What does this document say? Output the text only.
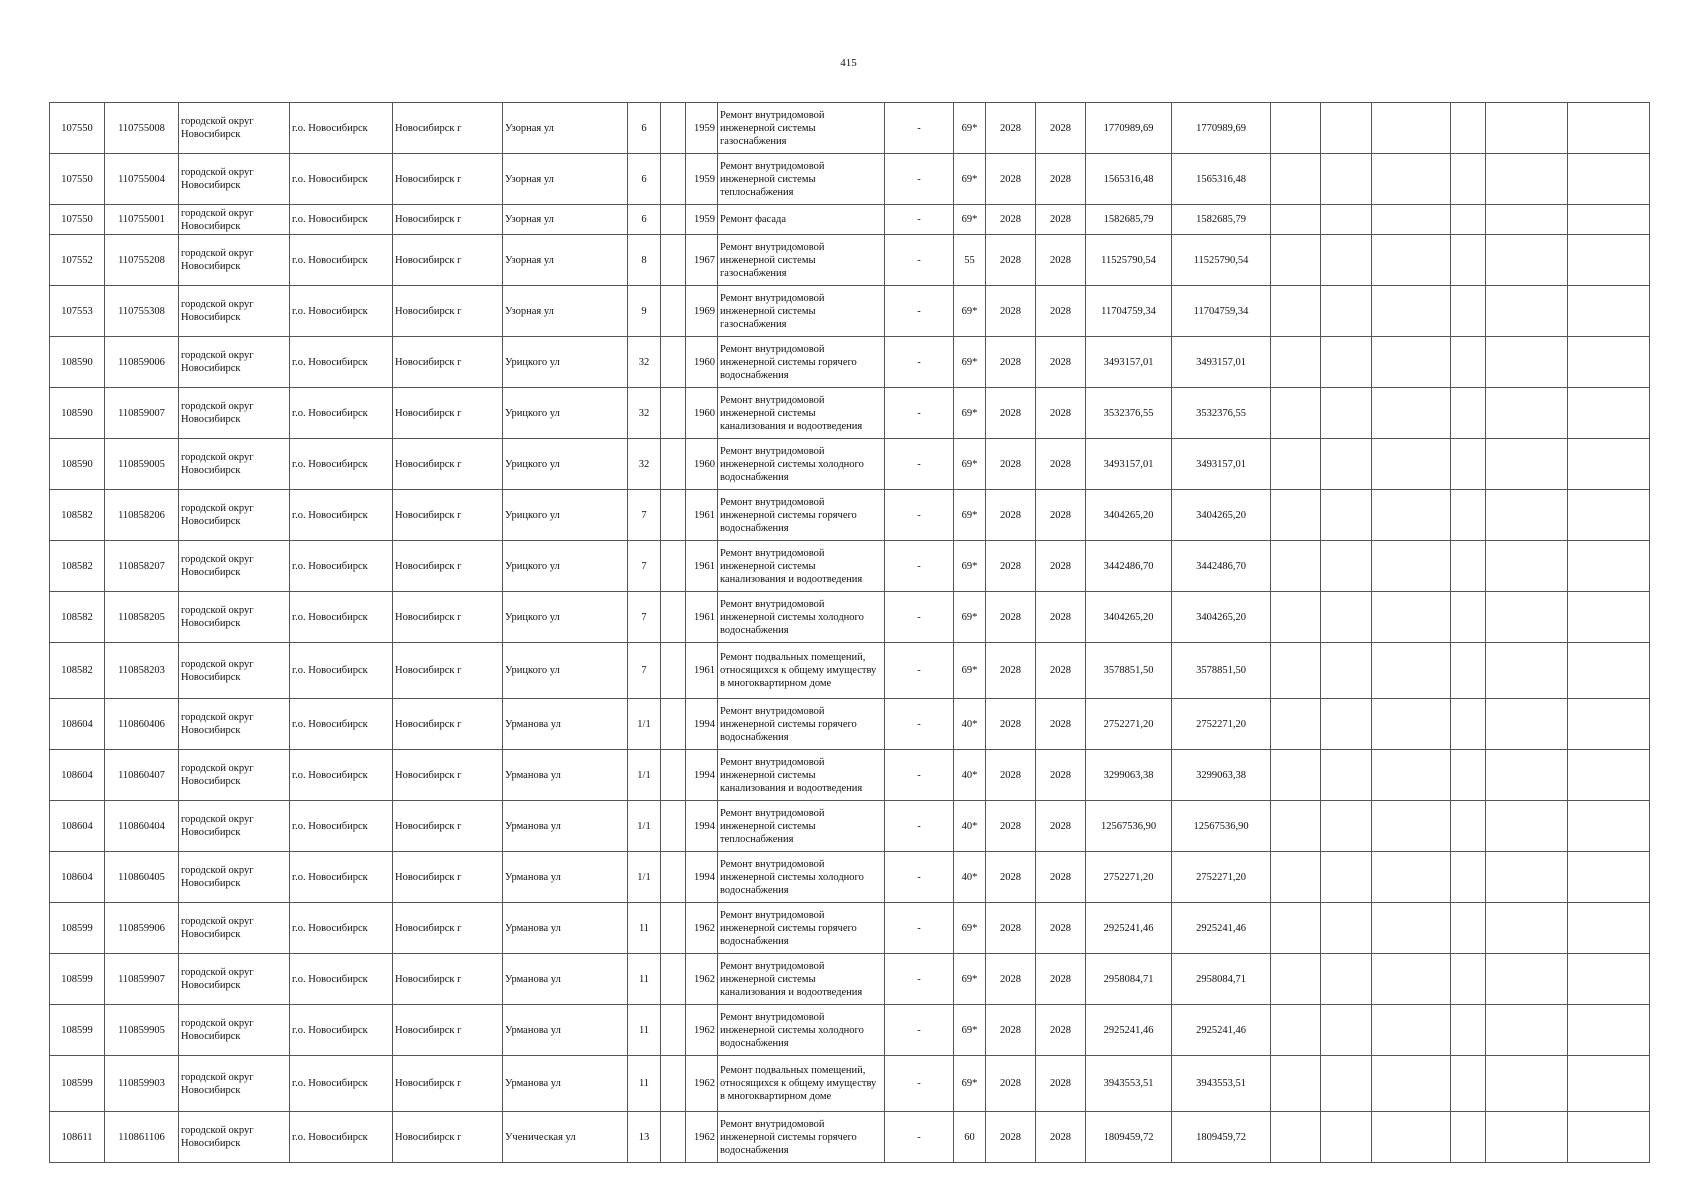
415
107550	110755008	городской округ Новосибирск	г.о. Новосибирск	Новосибирск г	Узорная ул	6		1959	Ремонт внутридомовой инженерной системы газоснабжения	-	69*	2028	2028	1770989,69	1770989,69						
107550	110755004	городской округ Новосибирск	г.о. Новосибирск	Новосибирск г	Узорная ул	6		1959	Ремонт внутридомовой инженерной системы теплоснабжения	-	69*	2028	2028	1565316,48	1565316,48						
107550	110755001	городской округ Новосибирск	г.о. Новосибирск	Новосибирск г	Узорная ул	6		1959	Ремонт фасада	-	69*	2028	2028	1582685,79	1582685,79						
107552	110755208	городской округ Новосибирск	г.о. Новосибирск	Новосибирск г	Узорная ул	8		1967	Ремонт внутридомовой инженерной системы газоснабжения	-	55	2028	2028	11525790,54	11525790,54						
107553	110755308	городской округ Новосибирск	г.о. Новосибирск	Новосибирск г	Узорная ул	9		1969	Ремонт внутридомовой инженерной системы газоснабжения	-	69*	2028	2028	11704759,34	11704759,34						
108590	110859006	городской округ Новосибирск	г.о. Новосибирск	Новосибирск г	Урицкого ул	32		1960	Ремонт внутридомовой инженерной системы горячего водоснабжения	-	69*	2028	2028	3493157,01	3493157,01						
108590	110859007	городской округ Новосибирск	г.о. Новосибирск	Новосибирск г	Урицкого ул	32		1960	Ремонт внутридомовой инженерной системы канализования и водоотведения	-	69*	2028	2028	3532376,55	3532376,55						
108590	110859005	городской округ Новосибирск	г.о. Новосибирск	Новосибирск г	Урицкого ул	32		1960	Ремонт внутридомовой инженерной системы холодного водоснабжения	-	69*	2028	2028	3493157,01	3493157,01						
108582	110858206	городской округ Новосибирск	г.о. Новосибирск	Новосибирск г	Урицкого ул	7		1961	Ремонт внутридомовой инженерной системы горячего водоснабжения	-	69*	2028	2028	3404265,20	3404265,20						
108582	110858207	городской округ Новосибирск	г.о. Новосибирск	Новосибирск г	Урицкого ул	7		1961	Ремонт внутридомовой инженерной системы канализования и водоотведения	-	69*	2028	2028	3442486,70	3442486,70						
108582	110858205	городской округ Новосибирск	г.о. Новосибирск	Новосибирск г	Урицкого ул	7		1961	Ремонт внутридомовой инженерной системы холодного водоснабжения	-	69*	2028	2028	3404265,20	3404265,20						
108582	110858203	городской округ Новосибирск	г.о. Новосибирск	Новосибирск г	Урицкого ул	7		1961	Ремонт подвальных помещений, относящихся к общему имуществу в многоквартирном доме	-	69*	2028	2028	3578851,50	3578851,50						
108604	110860406	городской округ Новосибирск	г.о. Новосибирск	Новосибирск г	Урманова ул	1/1		1994	Ремонт внутридомовой инженерной системы горячего водоснабжения	-	40*	2028	2028	2752271,20	2752271,20						
108604	110860407	городской округ Новосибирск	г.о. Новосибирск	Новосибирск г	Урманова ул	1/1		1994	Ремонт внутридомовой инженерной системы канализования и водоотведения	-	40*	2028	2028	3299063,38	3299063,38						
108604	110860404	городской округ Новосибирск	г.о. Новосибирск	Новосибирск г	Урманова ул	1/1		1994	Ремонт внутридомовой инженерной системы теплоснабжения	-	40*	2028	2028	12567536,90	12567536,90						
108604	110860405	городской округ Новосибирск	г.о. Новосибирск	Новосибирск г	Урманова ул	1/1		1994	Ремонт внутридомовой инженерной системы холодного водоснабжения	-	40*	2028	2028	2752271,20	2752271,20						
108599	110859906	городской округ Новосибирск	г.о. Новосибирск	Новосибирск г	Урманова ул	11		1962	Ремонт внутридомовой инженерной системы горячего водоснабжения	-	69*	2028	2028	2925241,46	2925241,46						
108599	110859907	городской округ Новосибирск	г.о. Новосибирск	Новосибирск г	Урманова ул	11		1962	Ремонт внутридомовой инженерной системы канализования и водоотведения	-	69*	2028	2028	2958084,71	2958084,71						
108599	110859905	городской округ Новосибирск	г.о. Новосибирск	Новосибирск г	Урманова ул	11		1962	Ремонт внутридомовой инженерной системы холодного водоснабжения	-	69*	2028	2028	2925241,46	2925241,46						
108599	110859903	городской округ Новосибирск	г.о. Новосибирск	Новосибирск г	Урманова ул	11		1962	Ремонт подвальных помещений, относящихся к общему имуществу в многоквартирном доме	-	69*	2028	2028	3943553,51	3943553,51						
108611	110861106	городской округ Новосибирск	г.о. Новосибирск	Новосибирск г	Ученическая ул	13		1962	Ремонт внутридомовой инженерной системы горячего водоснабжения	-	60	2028	2028	1809459,72	1809459,72						
